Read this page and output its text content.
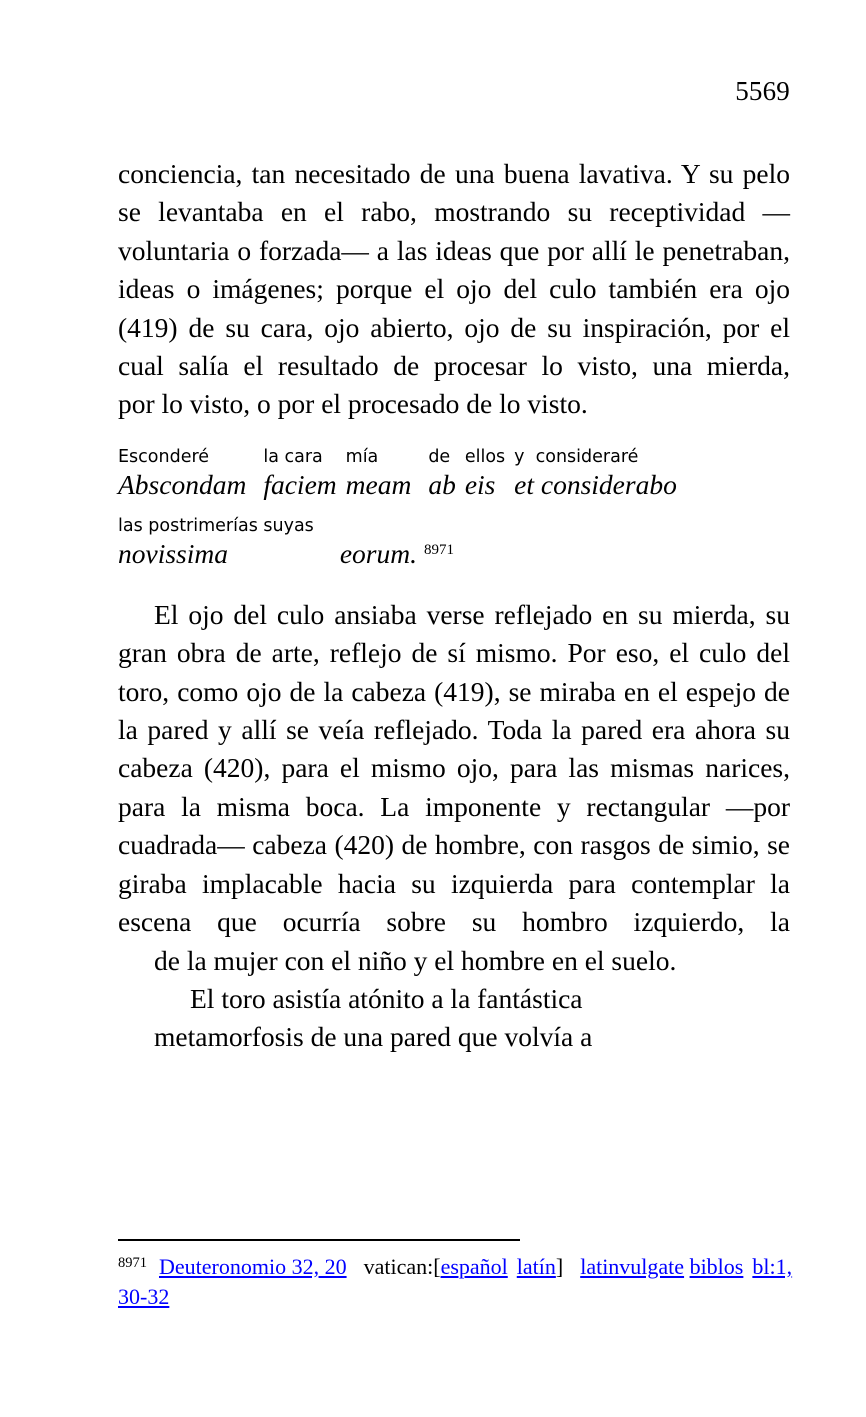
5569

conciencia, tan necesitado de una buena lavativa. Y su pelo se levantaba en el rabo, mostrando su receptividad —voluntaria o forzada— a las ideas que por allí le penetraban, ideas o imágenes; porque el ojo del culo también era ojo (419) de su cara, ojo abierto, ojo de su inspiración, por el cual salía el resultado de procesar lo visto, una mierda, por lo visto, o por el procesado de lo visto.

Esconderé
Abscondam
la cara
faciem
mía
meam
de
ab
ellos
eis
y  consideraré
et considerabo
las postrimerías suyas
novissima	eorum. $^{8971}$

El ojo del culo ansiaba verse reflejado en su mierda, su gran obra de arte, reflejo de sí mismo. Por eso, el culo del toro, como ojo de la cabeza (419), se miraba en el espejo de la pared y allí se veía reflejado. Toda la pared era ahora su cabeza (420), para el mismo ojo, para las mismas narices, para la misma boca. La imponente y rectangular —por cuadrada— cabeza (420) de hombre, con rasgos de simio, se giraba implacable hacia su izquierda para contemplar la escena que ocurría sobre su hombro izquierdo, la de la mujer con el niño y el hombre en el suelo.

El toro asistía atónito a la fantástica metamorfosis de una pared que volvía a

$^{8971}$ Deuteronomio 32, 20 vatican:[español latín] latinvulgate biblos bl:1, 30-32
